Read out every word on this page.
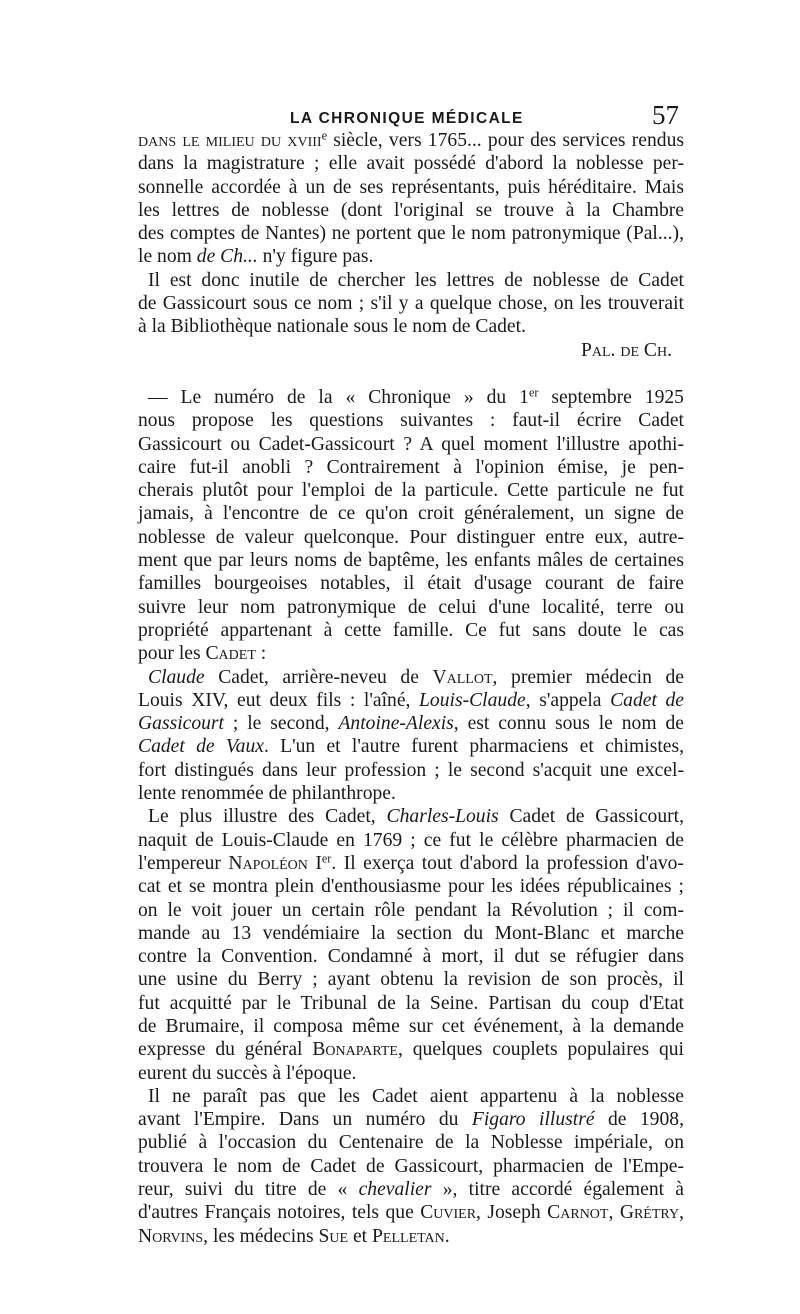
LA CHRONIQUE MÉDICALE	57
dans le milieu du xviii$^e$ siècle, vers 1765... pour des services rendus
dans la magistrature ; elle avait possédé d'abord la noblesse per-
sonnelle accordée à un de ses représentants, puis héréditaire. Mais
les lettres de noblesse (dont l'original se trouve à la Chambre
des comptes de Nantes) ne portent que le nom patronymique (Pal...),
le nom de Ch... n'y figure pas.
Il est donc inutile de chercher les lettres de noblesse de Cadet
de Gassicourt sous ce nom ; s'il y a quelque chose, on les trouverait
à la Bibliothèque nationale sous le nom de Cadet.
Pal. de Ch.
— Le numéro de la « Chronique » du 1er septembre 1925
nous propose les questions suivantes : faut-il écrire Cadet
Gassicourt ou Cadet-Gassicourt ? A quel moment l'illustre apothi-
caire fut-il anobli ? Contrairement à l'opinion émise, je pen-
cherais plutôt pour l'emploi de la particule. Cette particule ne fut
jamais, à l'encontre de ce qu'on croit généralement, un signe de
noblesse de valeur quelconque. Pour distinguer entre eux, autre-
ment que par leurs noms de baptême, les enfants mâles de certaines
familles bourgeoises notables, il était d'usage courant de faire
suivre leur nom patronymique de celui d'une localité, terre ou
propriété appartenant à cette famille. Ce fut sans doute le cas
pour les Cadet :
Claude Cadet, arrière-neveu de Vallot, premier médecin de
Louis XIV, eut deux fils : l'aîné, Louis-Claude, s'appela Cadet de
Gassicourt ; le second, Antoine-Alexis, est connu sous le nom de
Cadet de Vaux. L'un et l'autre furent pharmaciens et chimistes,
fort distingués dans leur profession ; le second s'acquit une excel-
lente renommée de philanthrope.
Le plus illustre des Cadet, Charles-Louis Cadet de Gassicourt,
naquit de Louis-Claude en 1769 ; ce fut le célèbre pharmacien de
l'empereur Napoléon Ier. Il exerça tout d'abord la profession d'avo-
cat et se montra plein d'enthousiasme pour les idées républicaines ;
on le voit jouer un certain rôle pendant la Révolution ; il com-
mande au 13 vendémiaire la section du Mont-Blanc et marche
contre la Convention. Condamné à mort, il dut se réfugier dans
une usine du Berry ; ayant obtenu la revision de son procès, il
fut acquitté par le Tribunal de la Seine. Partisan du coup d'Etat
de Brumaire, il composa même sur cet événement, à la demande
expresse du général Bonaparte, quelques couplets populaires qui
eurent du succès à l'époque.
Il ne paraît pas que les Cadet aient appartenu à la noblesse
avant l'Empire. Dans un numéro du Figaro illustré de 1908,
publié à l'occasion du Centenaire de la Noblesse impériale, on
trouvera le nom de Cadet de Gassicourt, pharmacien de l'Empe-
reur, suivi du titre de « chevalier », titre accordé également à
d'autres Français notoires, tels que Cuvier, Joseph Carnot, Grétry,
Norvins, les médecins Sue et Pelletan.
